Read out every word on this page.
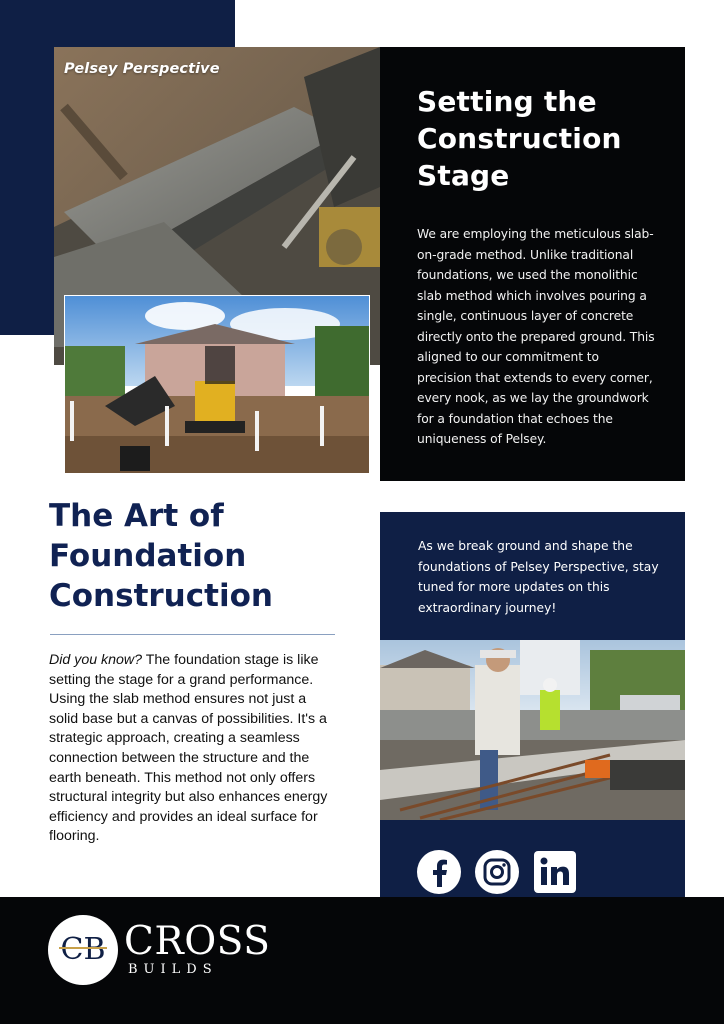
Pelsey Perspective
Setting the Construction Stage

We are employing the meticulous slab-on-grade method. Unlike traditional foundations, we used the monolithic slab method which involves pouring a single, continuous layer of concrete directly onto the prepared ground. This aligned to our commitment to precision that extends to every corner, every nook, as we lay the groundwork for a foundation that echoes the uniqueness of Pelsey.

The Art of Foundation Construction

Did you know? The foundation stage is like setting the stage for a grand performance. Using the slab method ensures not just a solid base but a canvas of possibilities. It's a strategic approach, creating a seamless connection between the structure and the earth beneath. This method not only offers structural integrity but also enhances energy efficiency and provides an ideal surface for flooring.

As we break ground and shape the foundations of Pelsey Perspective, stay tuned for more updates on this extraordinary journey!

CB CROSS
BUILDS
